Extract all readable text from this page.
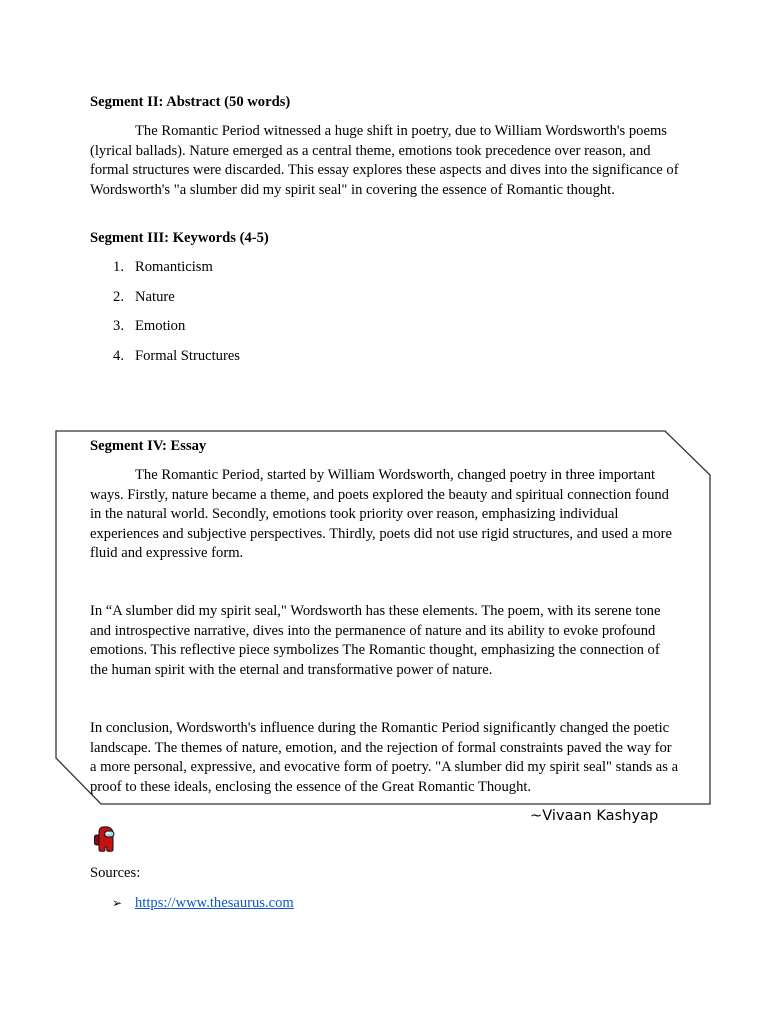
Segment II: Abstract (50 words)
The Romantic Period witnessed a huge shift in poetry, due to William Wordsworth's poems (lyrical ballads). Nature emerged as a central theme, emotions took precedence over reason, and formal structures were discarded. This essay explores these aspects and dives into the significance of Wordsworth's "a slumber did my spirit seal" in covering the essence of Romantic thought.
Segment III: Keywords (4-5)
1. Romanticism
2. Nature
3. Emotion
4. Formal Structures
Segment IV: Essay
The Romantic Period, started by William Wordsworth, changed poetry in three important ways. Firstly, nature became a theme, and poets explored the beauty and spiritual connection found in the natural world. Secondly, emotions took priority over reason, emphasizing individual experiences and subjective perspectives. Thirdly, poets did not use rigid structures, and used a more fluid and expressive form.
In “A slumber did my spirit seal," Wordsworth has these elements. The poem, with its serene tone and introspective narrative, dives into the permanence of nature and its ability to evoke profound emotions. This reflective piece symbolizes The Romantic thought, emphasizing the connection of the human spirit with the eternal and transformative power of nature.
In conclusion, Wordsworth's influence during the Romantic Period significantly changed the poetic landscape. The themes of nature, emotion, and the rejection of formal constraints paved the way for a more personal, expressive, and evocative form of poetry. "A slumber did my spirit seal" stands as a proof to these ideals, enclosing the essence of the Great Romantic Thought.
~Vivaan Kashyap
Sources:
➢ https://www.thesaurus.com
